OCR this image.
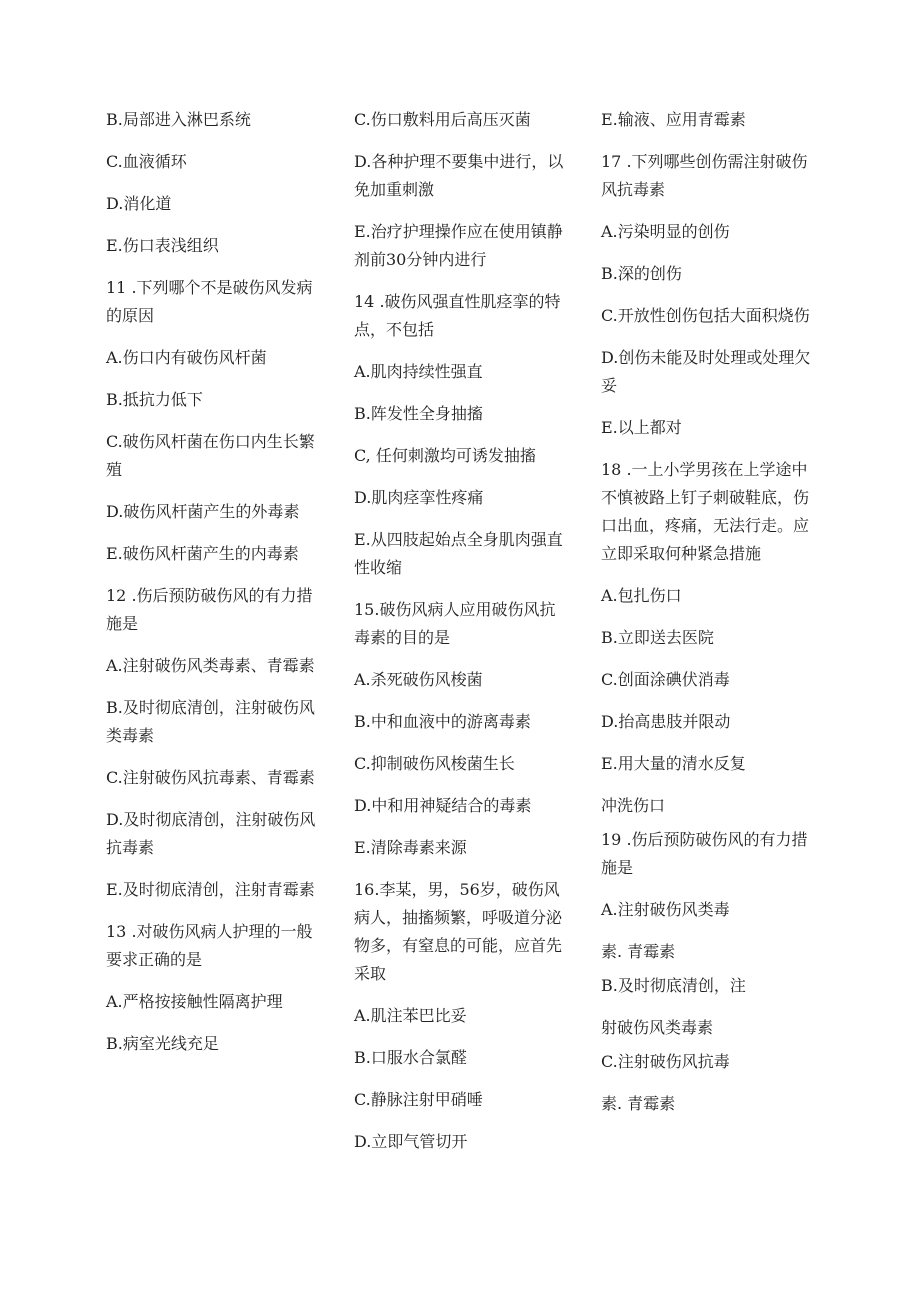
B.局部进入淋巴系统

C.血液循环

D.消化道

E.伤口表浅组织

11 .下列哪个不是破伤风发病的原因

A.伤口内有破伤风杆菌

B.抵抗力低下

C.破伤风杆菌在伤口内生长繁殖

D.破伤风杆菌产生的外毒素

E.破伤风杆菌产生的内毒素

12 .伤后预防破伤风的有力措施是

A.注射破伤风类毒素、青霉素

B.及时彻底清创，注射破伤风类毒素

C.注射破伤风抗毒素、青霉素

D.及时彻底清创，注射破伤风抗毒素

E.及时彻底清创，注射青霉素

13 .对破伤风病人护理的一般要求正确的是

A.严格按接触性隔离护理

B.病室光线充足

C.伤口敷料用后高压灭菌

D.各种护理不要集中进行，以免加重刺激

E.治疗护理操作应在使用镇静剂前30分钟内进行

14 .破伤风强直性肌痉挛的特点，不包括

A.肌肉持续性强直

B.阵发性全身抽搐

C, 任何刺激均可诱发抽搐

D.肌肉痉挛性疼痛

E.从四肢起始点全身肌肉强直性收缩

15.破伤风病人应用破伤风抗毒素的目的是

A.杀死破伤风梭菌

B.中和血液中的游离毒素

C.抑制破伤风梭菌生长

D.中和用神疑结合的毒素

E.清除毒素来源

16.李某，男，56岁，破伤风病人，抽搐频繁，呼吸道分泌物多，有窒息的可能，应首先采取

A.肌注苯巴比妥

B.口服水合氯醛

C.静脉注射甲硝唾

D.立即气管切开

E.输液、应用青霉素

17 .下列哪些创伤需注射破伤风抗毒素

A.污染明显的创伤

B.深的创伤

C.开放性创伤包括大面积烧伤

D.创伤未能及时处理或处理欠妥

E.以上都对

18 .一上小学男孩在上学途中不慎被路上钉子刺破鞋底，伤口出血，疼痛，无法行走。应立即采取何种紧急措施

A.包扎伤口

B.立即送去医院

C.创面涂碘伏消毒

D.抬高患肢并限动

E.用大量的清水反复

冲洗伤口

19 .伤后预防破伤风的有力措施是

A.注射破伤风类毒

素. 青霉素

B.及时彻底清创，注

射破伤风类毒素

C.注射破伤风抗毒

素. 青霉素
